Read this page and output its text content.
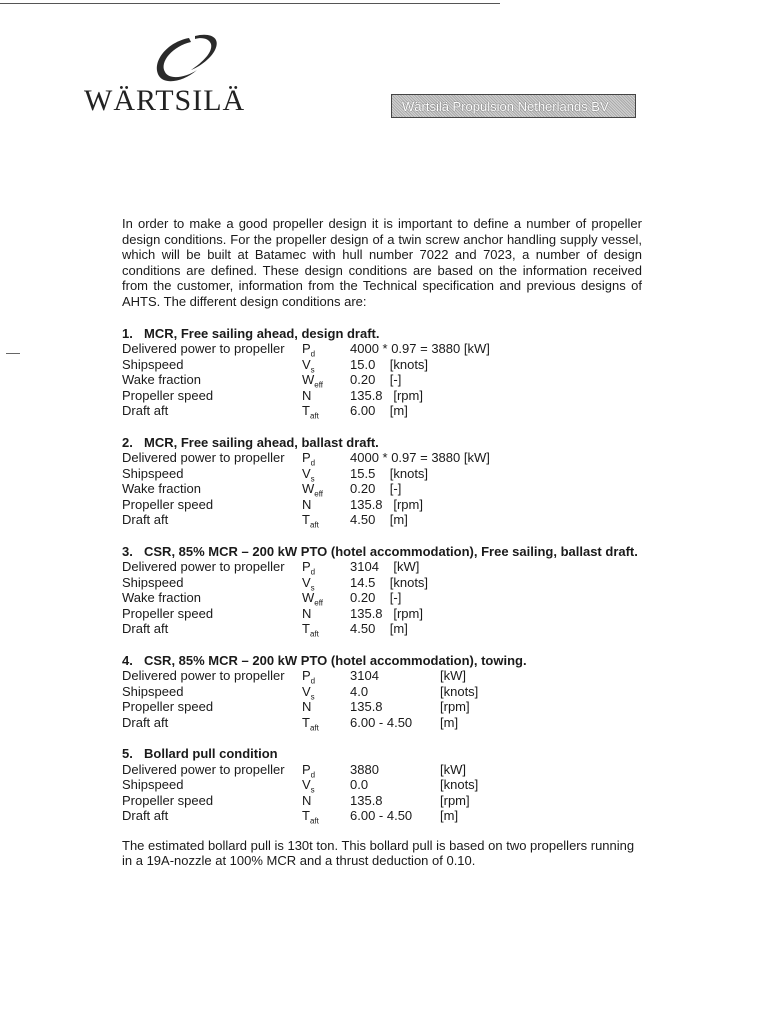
WÄRTSILÄ	Wärtsilä Propulsion Netherlands BV

In order to make a good propeller design it is important to define a number of propeller design conditions. For the propeller design of a twin screw anchor handling supply vessel, which will be built at Batamec with hull number 7022 and 7023, a number of design conditions are defined. These design conditions are based on the information received from the customer, information from the Technical specification and previous designs of AHTS. The different design conditions are:

1. MCR, Free sailing ahead, design draft.
Delivered power to propeller	$P_d$	4000 * 0.97 = 3880 [kW]
Shipspeed	$V_s$	15.0    [knots]
Wake fraction	$W_{eff}$	0.20    [-]
Propeller speed	N	135.8   [rpm]
Draft aft	$T_{aft}$	6.00    [m]
2. MCR, Free sailing ahead, ballast draft.
Delivered power to propeller	$P_d$	4000 * 0.97 = 3880 [kW]
Shipspeed	$V_s$	15.5    [knots]
Wake fraction	$W_{eff}$	0.20    [-]
Propeller speed	N	135.8   [rpm]
Draft aft	$T_{aft}$	4.50    [m]
3. CSR, 85% MCR – 200 kW PTO (hotel accommodation), Free sailing, ballast draft.
Delivered power to propeller	$P_d$	3104    [kW]
Shipspeed	$V_s$	14.5    [knots]
Wake fraction	$W_{eff}$	0.20    [-]
Propeller speed	N	135.8   [rpm]
Draft aft	$T_{aft}$	4.50    [m]
4. CSR, 85% MCR – 200 kW PTO (hotel accommodation), towing.
Delivered power to propeller	$P_d$	3104	[kW]
Shipspeed	$V_s$	4.0	[knots]
Propeller speed	N	135.8	[rpm]
Draft aft	$T_{aft}$	6.00 - 4.50	[m]
5. Bollard pull condition
Delivered power to propeller	$P_d$	3880	[kW]
Shipspeed	$V_s$	0.0	[knots]
Propeller speed	N	135.8	[rpm]
Draft aft	$T_{aft}$	6.00 - 4.50	[m]

The estimated bollard pull is 130t ton. This bollard pull is based on two propellers running in a 19A-nozzle at 100% MCR and a thrust deduction of 0.10.
